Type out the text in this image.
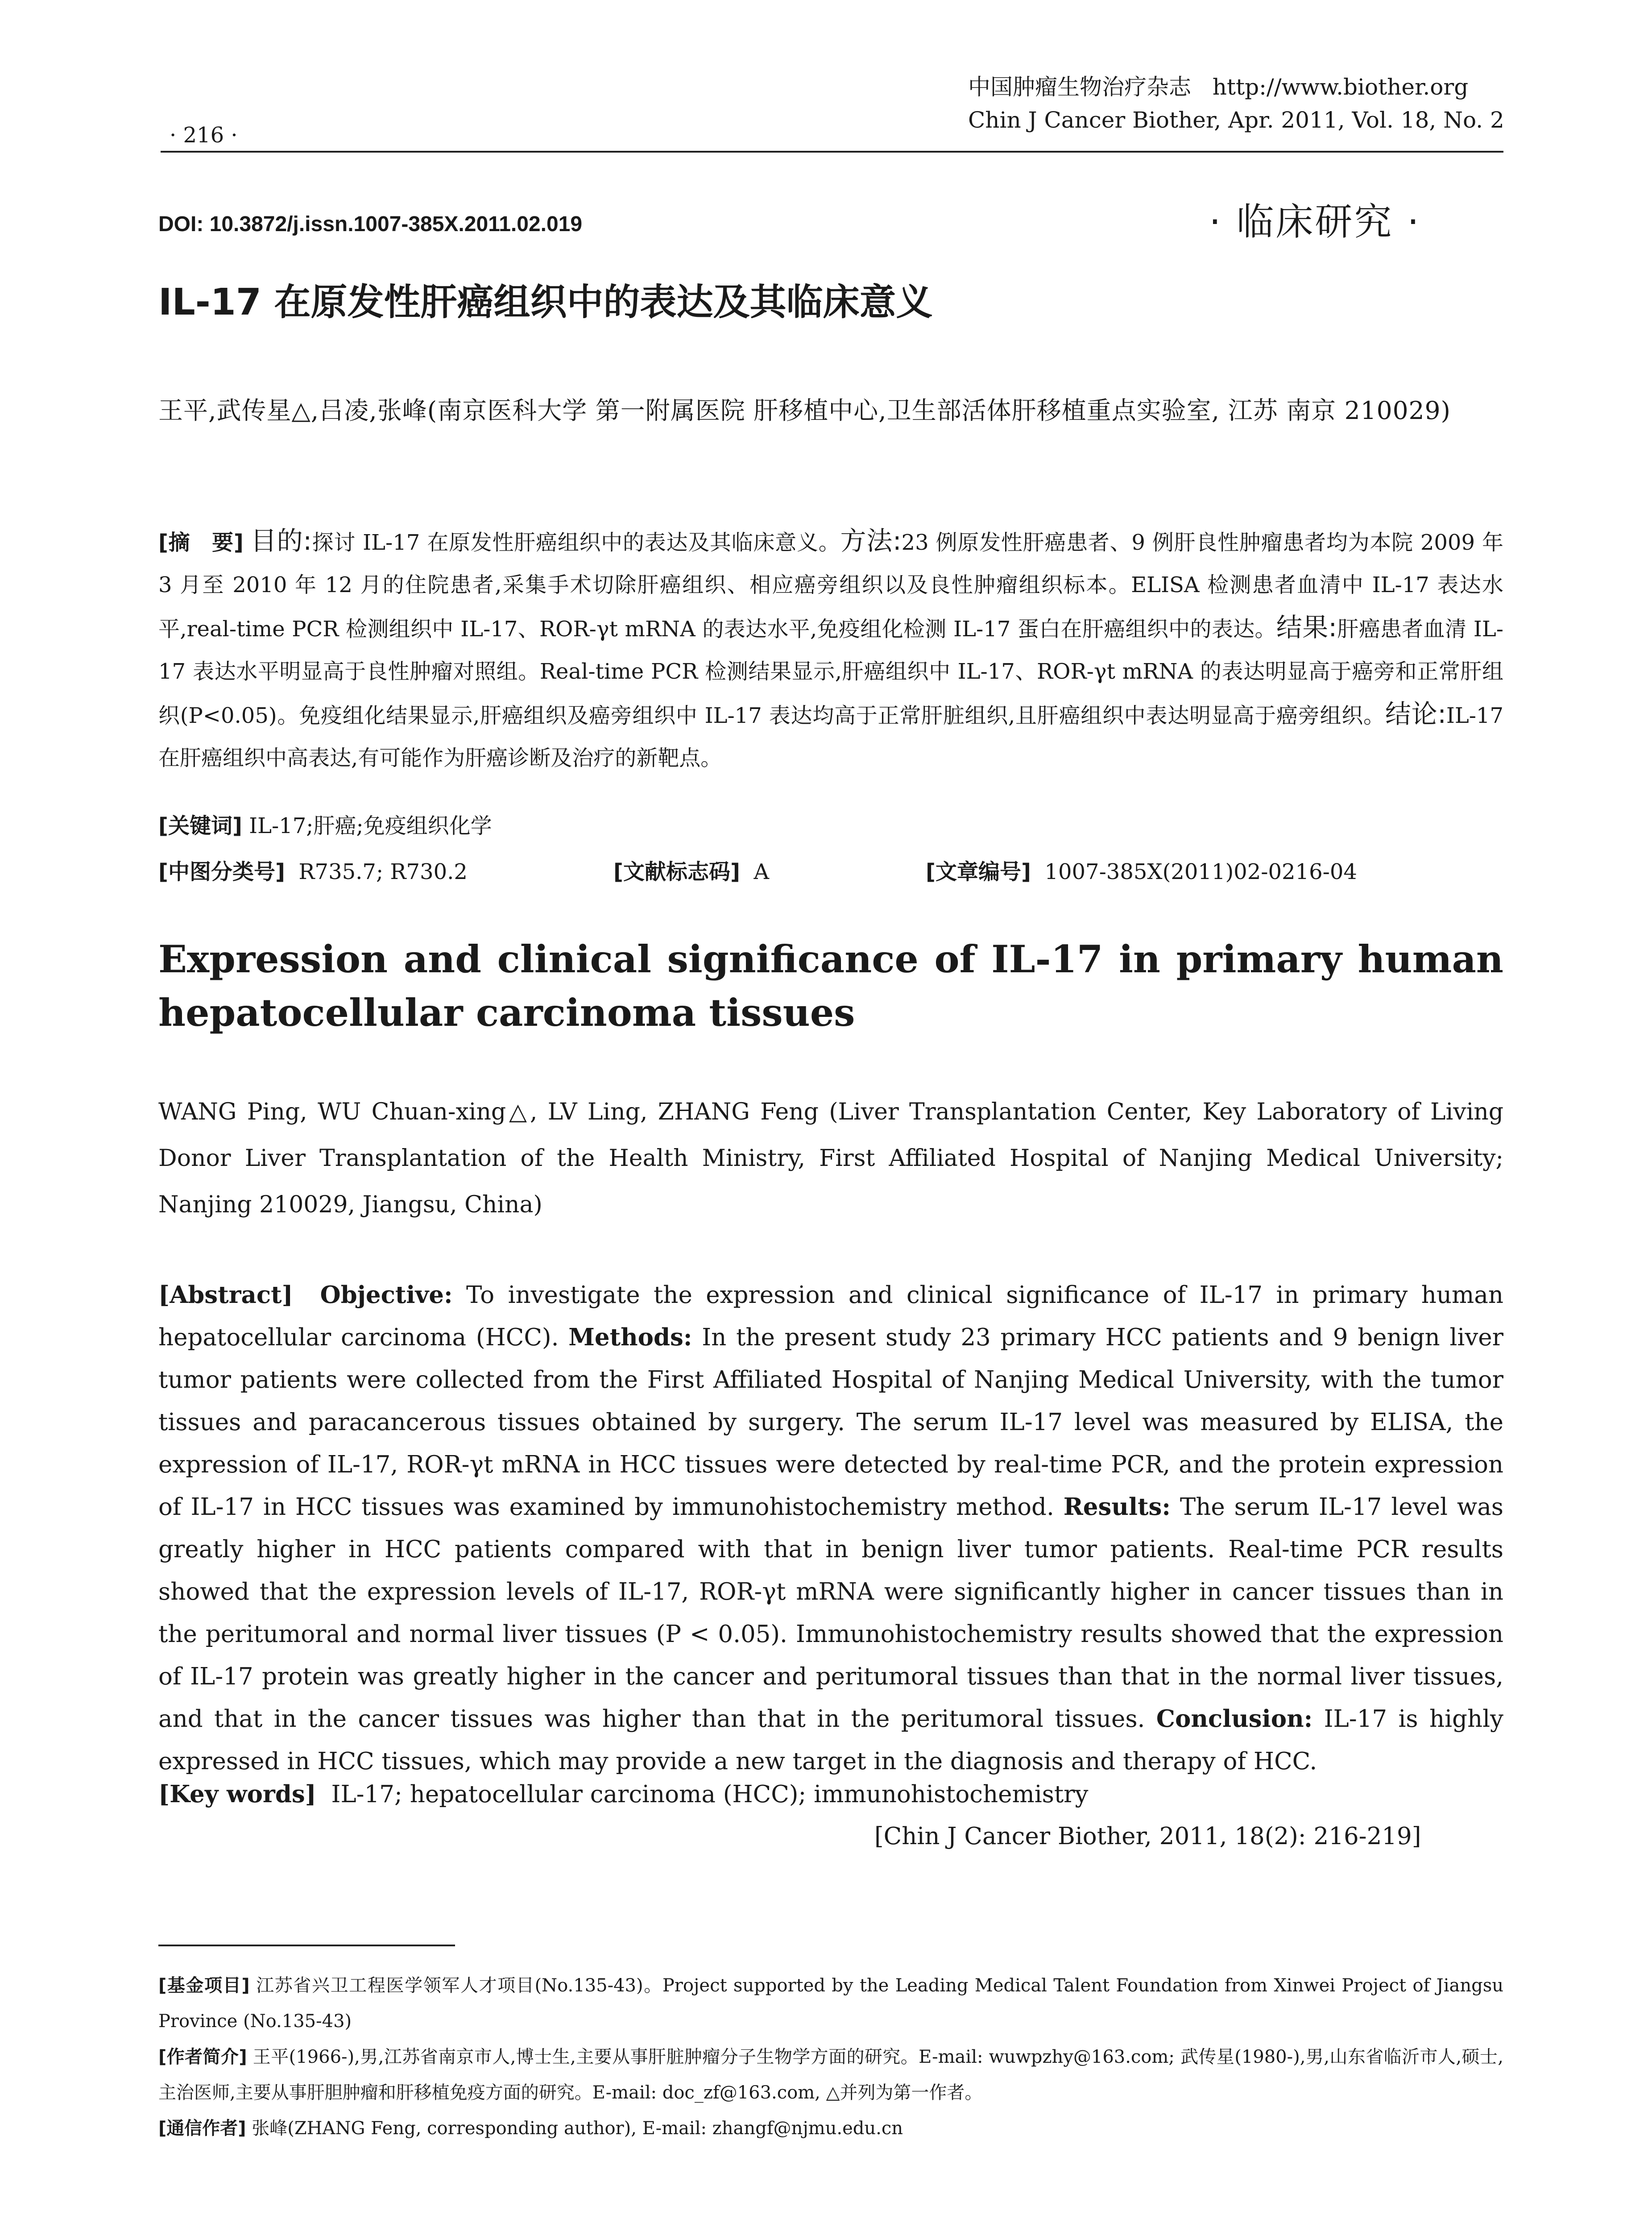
中国肿瘤生物治疗杂志 http://www.biother.org
· 216 ·
Chin J Cancer Biother, Apr. 2011, Vol. 18, No. 2
DOI: 10.3872/j.issn.1007-385X.2011.02.019	· 临床研究 ·
IL-17 在原发性肝癌组织中的表达及其临床意义
王平,武传星△,吕凌,张峰(南京医科大学 第一附属医院 肝移植中心,卫生部活体肝移植重点实验室, 江苏 南京 210029)
[摘　要] 目的:探讨 IL-17 在原发性肝癌组织中的表达及其临床意义。方法:23 例原发性肝癌患者、9 例肝良性肿瘤患者均为本院 2009 年 3 月至 2010 年 12 月的住院患者,采集手术切除肝癌组织、相应癌旁组织以及良性肿瘤组织标本。ELISA 检测患者血清中 IL-17 表达水平,real-time PCR 检测组织中 IL-17、ROR-γt mRNA 的表达水平,免疫组化检测 IL-17 蛋白在肝癌组织中的表达。结果:肝癌患者血清 IL-17 表达水平明显高于良性肿瘤对照组。Real-time PCR 检测结果显示,肝癌组织中 IL-17、ROR-γt mRNA 的表达明显高于癌旁和正常肝组织(P<0.05)。免疫组化结果显示,肝癌组织及癌旁组织中 IL-17 表达均高于正常肝脏组织,且肝癌组织中表达明显高于癌旁组织。结论:IL-17 在肝癌组织中高表达,有可能作为肝癌诊断及治疗的新靶点。
[关键词] IL-17;肝癌;免疫组织化学
[中图分类号] R735.7; R730.2	[文献标志码] A	[文章编号] 1007-385X(2011)02-0216-04
Expression and clinical significance of IL-17 in primary human hepatocellular carcinoma tissues
WANG Ping, WU Chuan-xing△, LV Ling, ZHANG Feng (Liver Transplantation Center, Key Laboratory of Living Donor Liver Transplantation of the Health Ministry, First Affiliated Hospital of Nanjing Medical University; Nanjing 210029, Jiangsu, China)
[Abstract] Objective: To investigate the expression and clinical significance of IL-17 in primary human hepatocellular carcinoma (HCC). Methods: In the present study 23 primary HCC patients and 9 benign liver tumor patients were collected from the First Affiliated Hospital of Nanjing Medical University, with the tumor tissues and paracancerous tissues obtained by surgery. The serum IL-17 level was measured by ELISA, the expression of IL-17, ROR-γt mRNA in HCC tissues were detected by real-time PCR, and the protein expression of IL-17 in HCC tissues was examined by immunohistochemistry method. Results: The serum IL-17 level was greatly higher in HCC patients compared with that in benign liver tumor patients. Real-time PCR results showed that the expression levels of IL-17, ROR-γt mRNA were significantly higher in cancer tissues than in the peritumoral and normal liver tissues (P < 0.05). Immunohistochemistry results showed that the expression of IL-17 protein was greatly higher in the cancer and peritumoral tissues than that in the normal liver tissues, and that in the cancer tissues was higher than that in the peritumoral tissues. Conclusion: IL-17 is highly expressed in HCC tissues, which may provide a new target in the diagnosis and therapy of HCC.
[Key words] IL-17; hepatocellular carcinoma (HCC); immunohistochemistry
[Chin J Cancer Biother, 2011, 18(2): 216-219]

[基金项目] 江苏省兴卫工程医学领军人才项目(No.135-43)。Project supported by the Leading Medical Talent Foundation from Xinwei Project of Jiangsu Province (No.135-43)

[作者简介] 王平(1966-),男,江苏省南京市人,博士生,主要从事肝脏肿瘤分子生物学方面的研究。E-mail: wuwpzhy@163.com; 武传星(1980-),男,山东省临沂市人,硕士,主治医师,主要从事肝胆肿瘤和肝移植免疫方面的研究。E-mail: doc_zf@163.com, △并列为第一作者。

[通信作者] 张峰(ZHANG Feng, corresponding author), E-mail: zhangf@njmu.edu.cn
